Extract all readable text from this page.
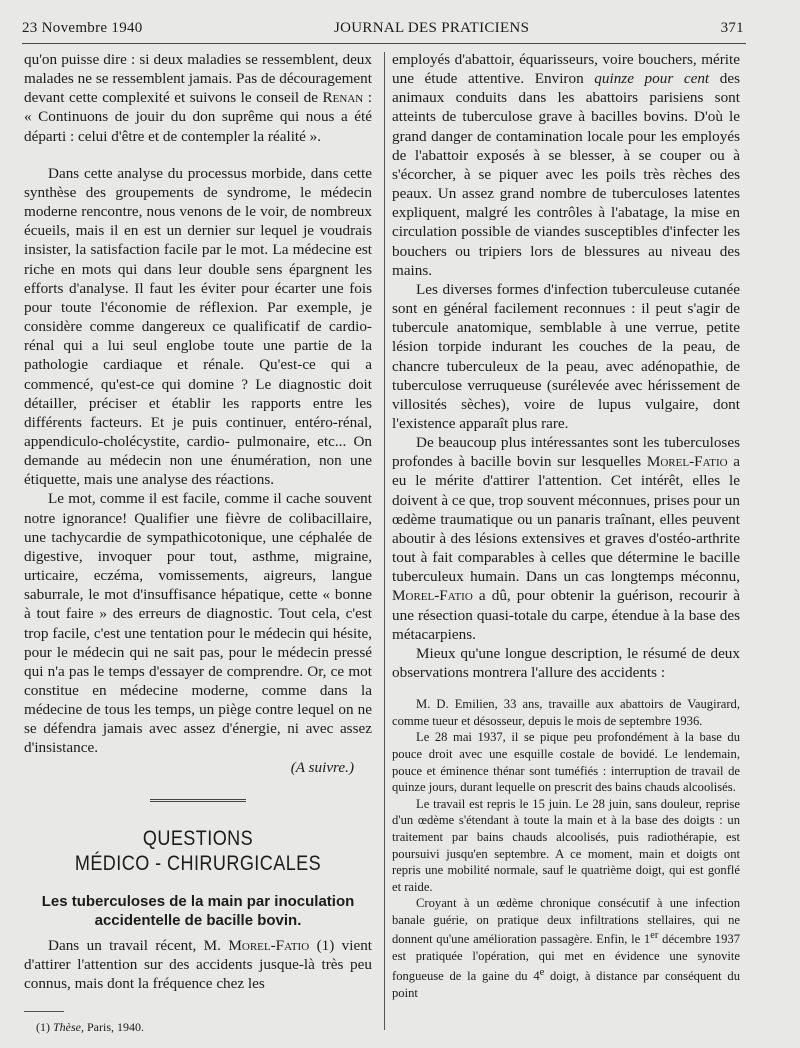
23 Novembre 1940	JOURNAL DES PRATICIENS	371

qu'on puisse dire : si deux maladies se ressemblent, deux malades ne se ressemblent jamais. Pas de découragement devant cette complexité et suivons le conseil de Renan : « Continuons de jouir du don suprême qui nous a été départi : celui d'être et de contempler la réalité ».

Dans cette analyse du processus morbide, dans cette synthèse des groupements de syndrome, le médecin moderne rencontre, nous venons de le voir, de nombreux écueils, mais il en est un dernier sur lequel je voudrais insister, la satisfaction facile par le mot. La médecine est riche en mots qui dans leur double sens épargnent les efforts d'analyse. Il faut les éviter pour écarter une fois pour toute l'économie de réflexion. Par exemple, je considère comme dangereux ce qualificatif de cardio-rénal qui a lui seul englobe toute une partie de la pathologie cardiaque et rénale. Qu'est-ce qui a commencé, qu'est-ce qui domine ? Le diagnostic doit détailler, préciser et établir les rapports entre les différents facteurs. Et je puis continuer, entéro-rénal, appendiculo-cholécystite, cardio- pulmonaire, etc... On demande au médecin non une énumération, non une étiquette, mais une analyse des réactions.

Le mot, comme il est facile, comme il cache souvent notre ignorance! Qualifier une fièvre de colibacillaire, une tachycardie de sympathicotonique, une céphalée de digestive, invoquer pour tout, asthme, migraine, urticaire, eczéma, vomissements, aigreurs, langue saburrale, le mot d'insuffisance hépatique, cette « bonne à tout faire » des erreurs de diagnostic. Tout cela, c'est trop facile, c'est une tentation pour le médecin qui hésite, pour le médecin qui ne sait pas, pour le médecin pressé qui n'a pas le temps d'essayer de comprendre. Or, ce mot constitue en médecine moderne, comme dans la médecine de tous les temps, un piège contre lequel on ne se défendra jamais avec assez d'énergie, ni avec assez d'insistance.

(A suivre.)

QUESTIONS
MÉDICO - CHIRURGICALES
Les tuberculoses de la main par inoculation accidentelle de bacille bovin.

Dans un travail récent, M. Morel-Fatio (1) vient d'attirer l'attention sur des accidents jusque-là très peu connus, mais dont la fréquence chez les

(1) Thèse, Paris, 1940.

employés d'abattoir, équarisseurs, voire bouchers, mérite une étude attentive. Environ quinze pour cent des animaux conduits dans les abattoirs parisiens sont atteints de tuberculose grave à bacilles bovins. D'où le grand danger de contamination locale pour les employés de l'abattoir exposés à se blesser, à se couper ou à s'écorcher, à se piquer avec les poils très rèches des peaux. Un assez grand nombre de tuberculoses latentes expliquent, malgré les contrôles à l'abatage, la mise en circulation possible de viandes susceptibles d'infecter les bouchers ou tripiers lors de blessures au niveau des mains.

Les diverses formes d'infection tuberculeuse cutanée sont en général facilement reconnues : il peut s'agir de tubercule anatomique, semblable à une verrue, petite lésion torpide indurant les couches de la peau, de chancre tuberculeux de la peau, avec adénopathie, de tuberculose verruqueuse (surélevée avec hérissement de villosités sèches), voire de lupus vulgaire, dont l'existence apparaît plus rare.

De beaucoup plus intéressantes sont les tuberculoses profondes à bacille bovin sur lesquelles Morel-Fatio a eu le mérite d'attirer l'attention. Cet intérêt, elles le doivent à ce que, trop souvent méconnues, prises pour un œdème traumatique ou un panaris traînant, elles peuvent aboutir à des lésions extensives et graves d'ostéo-arthrite tout à fait comparables à celles que détermine le bacille tuberculeux humain. Dans un cas longtemps méconnu, Morel-Fatio a dû, pour obtenir la guérison, recourir à une résection quasi-totale du carpe, étendue à la base des métacarpiens.

Mieux qu'une longue description, le résumé de deux observations montrera l'allure des accidents :

M. D. Emilien, 33 ans, travaille aux abattoirs de Vaugirard, comme tueur et désosseur, depuis le mois de septembre 1936.

Le 28 mai 1937, il se pique peu profondément à la base du pouce droit avec une esquille costale de bovidé. Le lendemain, pouce et éminence thénar sont tuméfiés : interruption de travail de quinze jours, durant lequelle on prescrit des bains chauds alcoolisés.

Le travail est repris le 15 juin. Le 28 juin, sans douleur, reprise d'un œdème s'étendant à toute la main et à la base des doigts : un traitement par bains chauds alcoolisés, puis radiothérapie, est poursuivi jusqu'en septembre. A ce moment, main et doigts ont repris une mobilité normale, sauf le quatrième doigt, qui est gonflé et raide.

Croyant à un œdème chronique consécutif à une infection banale guérie, on pratique deux infiltrations stellaires, qui ne donnent qu'une amélioration passagère. Enfin, le 1er décembre 1937 est pratiquée l'opération, qui met en évidence une synovite fongueuse de la gaine du 4e doigt, à distance par conséquent du point
